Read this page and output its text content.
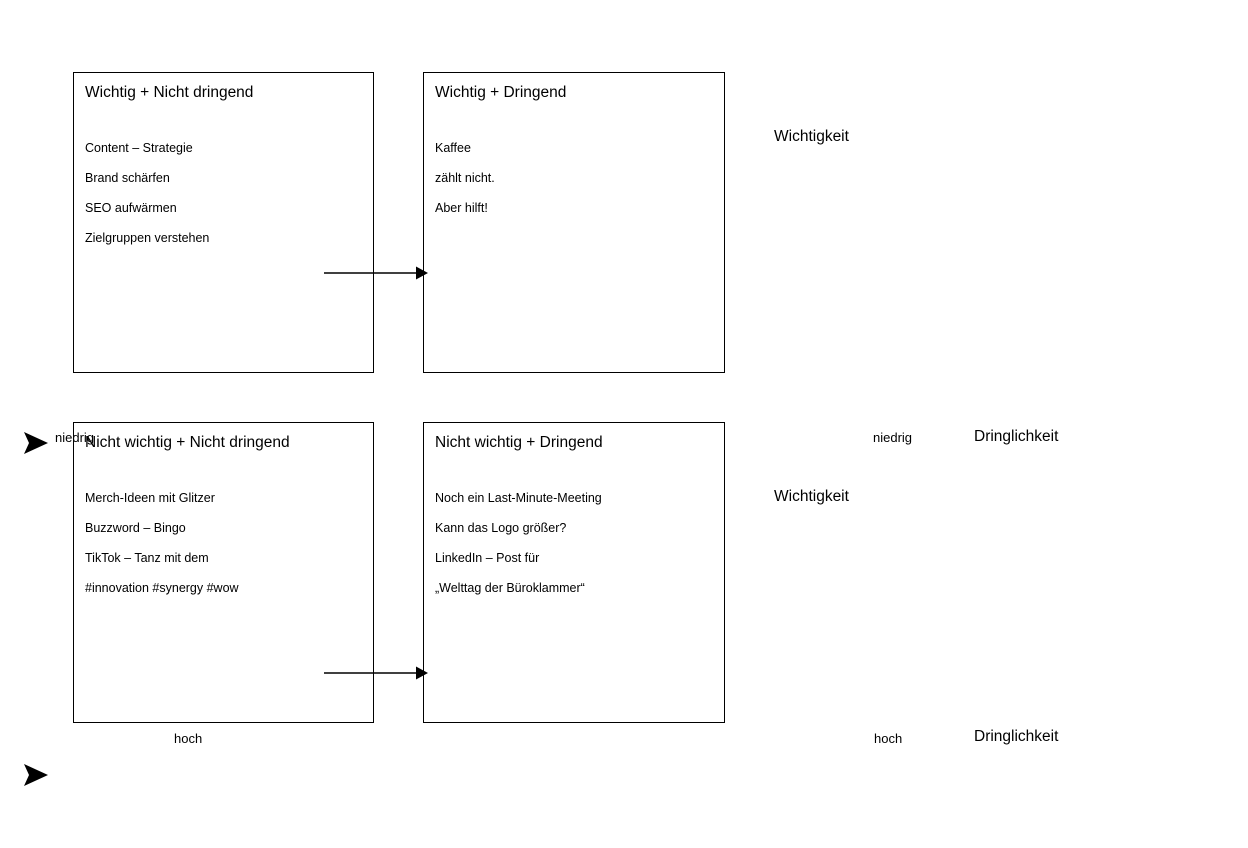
Wichtig + Nicht dringend
Content – Strategie
Brand schärfen
SEO aufwärmen
Zielgruppen verstehen
Wichtig + Dringend
Kaffee
zählt nicht.
Aber hilft!
Nicht wichtig + Nicht dringend
Merch-Ideen mit Glitzer
Buzzword – Bingo
TikTok – Tanz mit dem
#innovation #synergy #wow
Nicht wichtig + Dringend
Noch ein Last-Minute-Meeting
Kann das Logo größer?
LinkedIn – Post für
„Welttag der Büroklammer“
Wichtigkeit
niedrig	niedrig	Dringlichkeit
Wichtigkeit
hoch	hoch	Dringlichkeit
